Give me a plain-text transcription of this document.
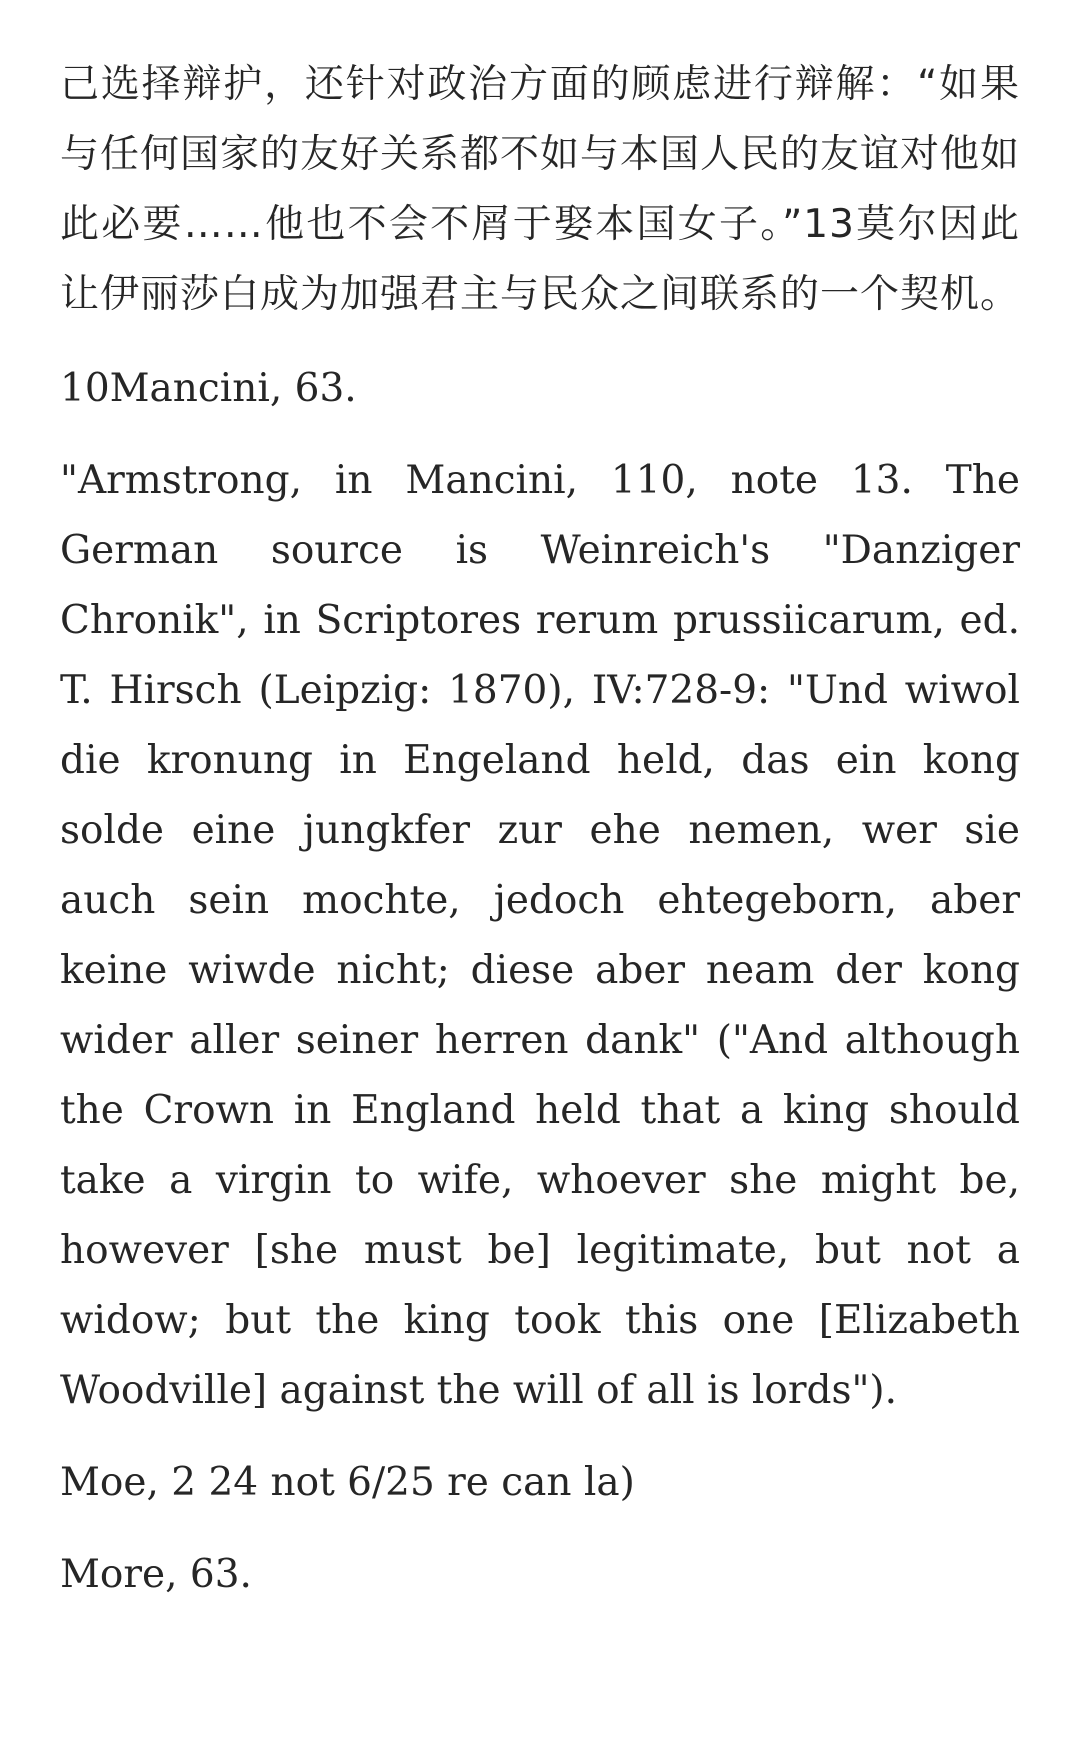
己选择辩护，还针对政治方面的顾虑进行辩解：“如果与任何国家的友好关系都不如与本国人民的友谊对他如此必要……他也不会不屑于娶本国女子。”13莫尔因此让伊丽莎白成为加强君主与民众之间联系的一个契机。

10Mancini, 63.

"Armstrong, in Mancini, 110, note 13. The German source is Weinreich's "Danziger Chronik", in Scriptores rerum prussiicarum, ed. T. Hirsch (Leipzig: 1870), IV:728-9: "Und wiwol die kronung in Engeland held, das ein kong solde eine jungkfer zur ehe nemen, wer sie auch sein mochte, jedoch ehtegeborn, aber keine wiwde nicht; diese aber neam der kong wider aller seiner herren dank" ("And although the Crown in England held that a king should take a virgin to wife, whoever she might be, however [she must be] legitimate, but not a widow; but the king took this one [Elizabeth Woodville] against the will of all is lords").

Moe, 2 24 not 6/25 re can la)

More, 63.
